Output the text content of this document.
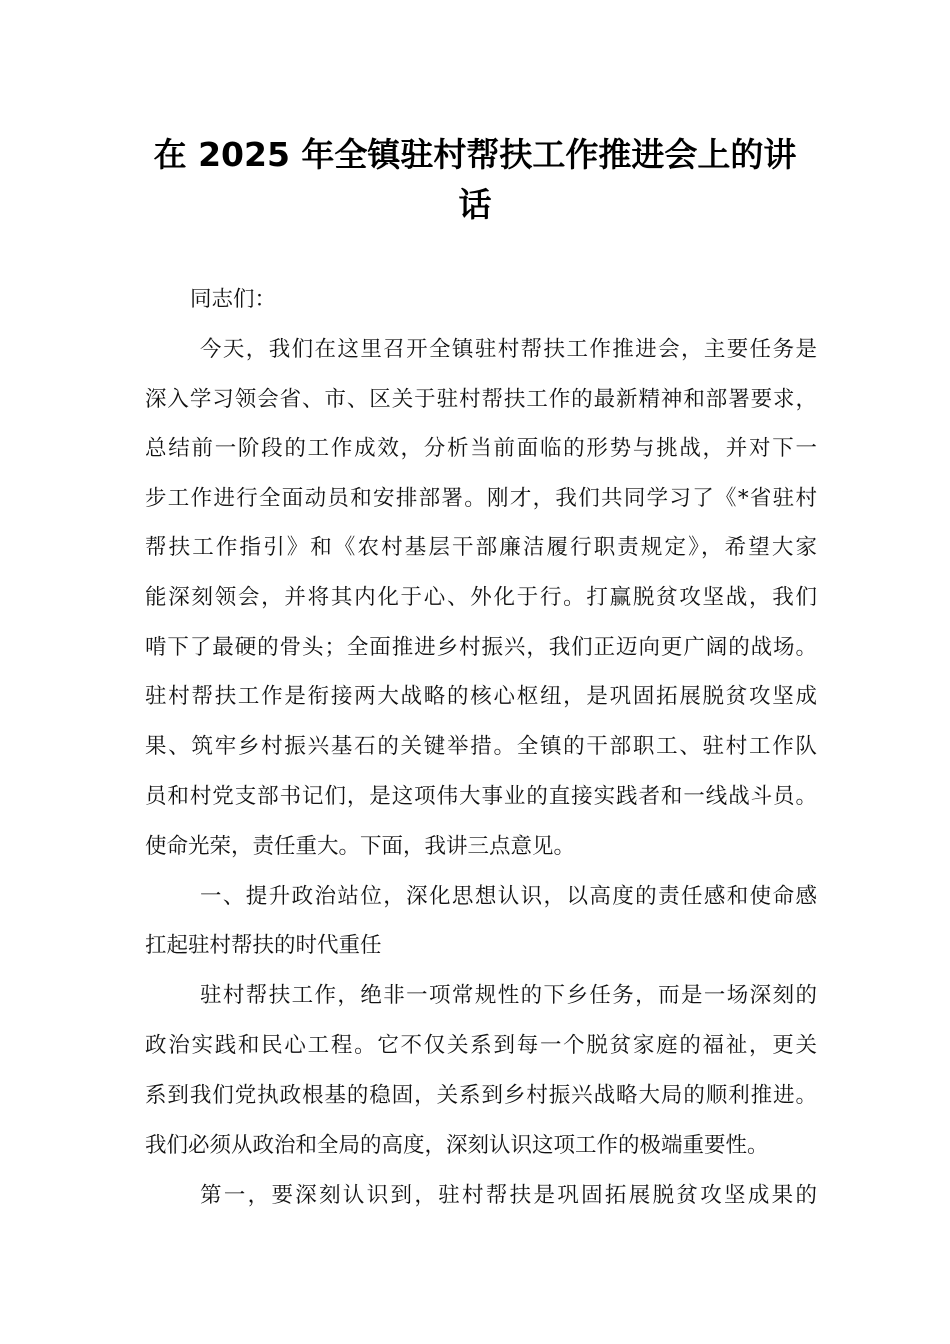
在 2025 年全镇驻村帮扶工作推进会上的讲
话
同志们：
今天，我们在这里召开全镇驻村帮扶工作推进会，主要任务是
深入学习领会省、市、区关于驻村帮扶工作的最新精神和部署要求，
总结前一阶段的工作成效，分析当前面临的形势与挑战，并对下一
步工作进行全面动员和安排部署。刚才，我们共同学习了《*省驻村
帮扶工作指引》和《农村基层干部廉洁履行职责规定》，希望大家
能深刻领会，并将其内化于心、外化于行。打赢脱贫攻坚战，我们
啃下了最硬的骨头；全面推进乡村振兴，我们正迈向更广阔的战场。
驻村帮扶工作是衔接两大战略的核心枢纽，是巩固拓展脱贫攻坚成
果、筑牢乡村振兴基石的关键举措。全镇的干部职工、驻村工作队
员和村党支部书记们，是这项伟大事业的直接实践者和一线战斗员。
使命光荣，责任重大。下面，我讲三点意见。
一、提升政治站位，深化思想认识，以高度的责任感和使命感
扛起驻村帮扶的时代重任
驻村帮扶工作，绝非一项常规性的下乡任务，而是一场深刻的
政治实践和民心工程。它不仅关系到每一个脱贫家庭的福祉，更关
系到我们党执政根基的稳固，关系到乡村振兴战略大局的顺利推进。
我们必须从政治和全局的高度，深刻认识这项工作的极端重要性。
第一，要深刻认识到，驻村帮扶是巩固拓展脱贫攻坚成果的
